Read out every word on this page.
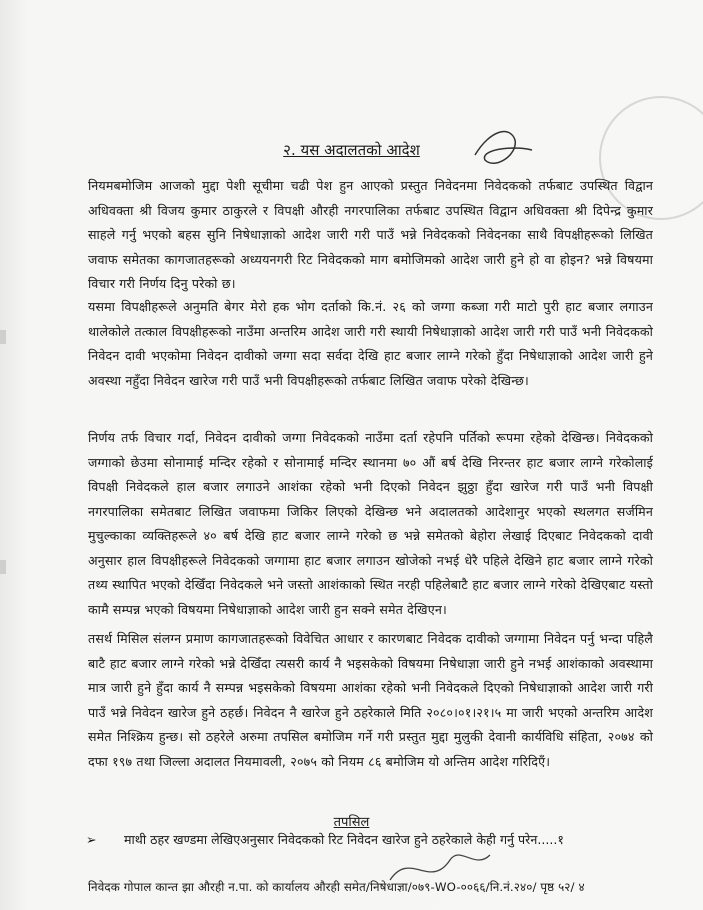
२. यस अदालतको आदेश
नियमबमोजिम आजको मुद्दा पेशी सूचीमा चढी पेश हुन आएको प्रस्तुत निवेदनमा निवेदकको तर्फबाट उपस्थित विद्वान अधिवक्ता श्री विजय कुमार ठाकुरले र विपक्षी औरही नगरपालिका तर्फबाट उपस्थित विद्वान अधिवक्ता श्री दिपेन्द्र कुमार साहले गर्नु भएको बहस सुनि निषेधाज्ञाको आदेश जारी गरी पाउँ भन्ने निवेदकको निवेदनका साथै विपक्षीहरूको लिखित जवाफ समेतका कागजातहरूको अध्ययनगरी रिट निवेदकको माग बमोजिमको आदेश जारी हुने हो वा होइन? भन्ने विषयमा विचार गरी निर्णय दिनु परेको छ।
यसमा विपक्षीहरूले अनुमति बेगर मेरो हक भोग दर्ताको कि.नं. २६ को जग्गा कब्जा गरी माटो पुरी हाट बजार लगाउन थालेकोले तत्काल विपक्षीहरूको नाउँमा अन्तरिम आदेश जारी गरी स्थायी निषेधाज्ञाको आदेश जारी गरी पाउँ भनी निवेदकको निवेदन दावी भएकोमा निवेदन दावीको जग्गा सदा सर्वदा देखि हाट बजार लाग्ने गरेको हुँदा निषेधाज्ञाको आदेश जारी हुने अवस्था नहुँदा निवेदन खारेज गरी पाउँ भनी विपक्षीहरूको तर्फबाट लिखित जवाफ परेको देखिन्छ।
निर्णय तर्फ विचार गर्दा, निवेदन दावीको जग्गा निवेदकको नाउँमा दर्ता रहेपनि पर्तिको रूपमा रहेको देखिन्छ। निवेदकको जग्गाको छेउमा सोनामाई मन्दिर रहेको र सोनामाई मन्दिर स्थानमा ७० औं बर्ष देखि निरन्तर हाट बजार लाग्ने गरेकोलाई विपक्षी निवेदकले हाल बजार लगाउने आशंका रहेको भनी दिएको निवेदन झुठ्ठा हुँदा खारेज गरी पाउँ भनी विपक्षी नगरपालिका समेतबाट लिखित जवाफमा जिकिर लिएको देखिन्छ भने अदालतको आदेशानुर भएको स्थलगत सर्जमिन मुचुल्काका व्यक्तिहरूले ४० बर्ष देखि हाट बजार लाग्ने गरेको छ भन्ने समेतको बेहोरा लेखाई दिएबाट निवेदकको दावी अनुसार हाल विपक्षीहरूले निवेदकको जग्गामा हाट बजार लगाउन खोजेको नभई धेरै पहिले देखिने हाट बजार लाग्ने गरेको तथ्य स्थापित भएको देखिँदा निवेदकले भने जस्तो आशंकाको स्थित नरही पहिलेबाटै हाट बजार लाग्ने गरेको देखिएबाट यस्तो कामै सम्पन्न भएको विषयमा निषेधाज्ञाको आदेश जारी हुन सक्ने समेत देखिएन।
तसर्थ मिसिल संलग्न प्रमाण कागजातहरूको विवेचित आधार र कारणबाट निवेदक दावीको जग्गामा निवेदन पर्नु भन्दा पहिलै बाटै हाट बजार लाग्ने गरेको भन्ने देखिँदा त्यसरी कार्य नै भइसकेको विषयमा निषेधाज्ञा जारी हुने नभई आशंकाको अवस्थामा मात्र जारी हुने हुँदा कार्य नै सम्पन्न भइसकेको विषयमा आशंका रहेको भनी निवेदकले दिएको निषेधाज्ञाको आदेश जारी गरी पाउँ भन्ने निवेदन खारेज हुने ठहर्छ। निवेदन नै खारेज हुने ठहरेकाले मिति २०८०।०१।२१।५ मा जारी भएको अन्तरिम आदेश समेत निश्क्रिय हुन्छ। सो ठहरेले अरुमा तपसिल बमोजिम गर्ने गरी प्रस्तुत मुद्दा मुलुकी देवानी कार्यविधि संहिता, २०७४ को दफा १९७ तथा जिल्ला अदालत नियमावली, २०७५ को नियम ८६ बमोजिम यो अन्तिम आदेश गरिदिएँ।
तपसिल
➢ माथी ठहर खण्डमा लेखिएअनुसार निवेदकको रिट निवेदन खारेज हुने ठहरेकाले केही गर्नु परेन.....१
निवेदक गोपाल कान्त झा औरही न.पा. को कार्यालय औरही समेत/निषेधाज्ञा/०७९-WO-००६६/नि.नं.२४०/ पृष्ठ ५२/ ४
